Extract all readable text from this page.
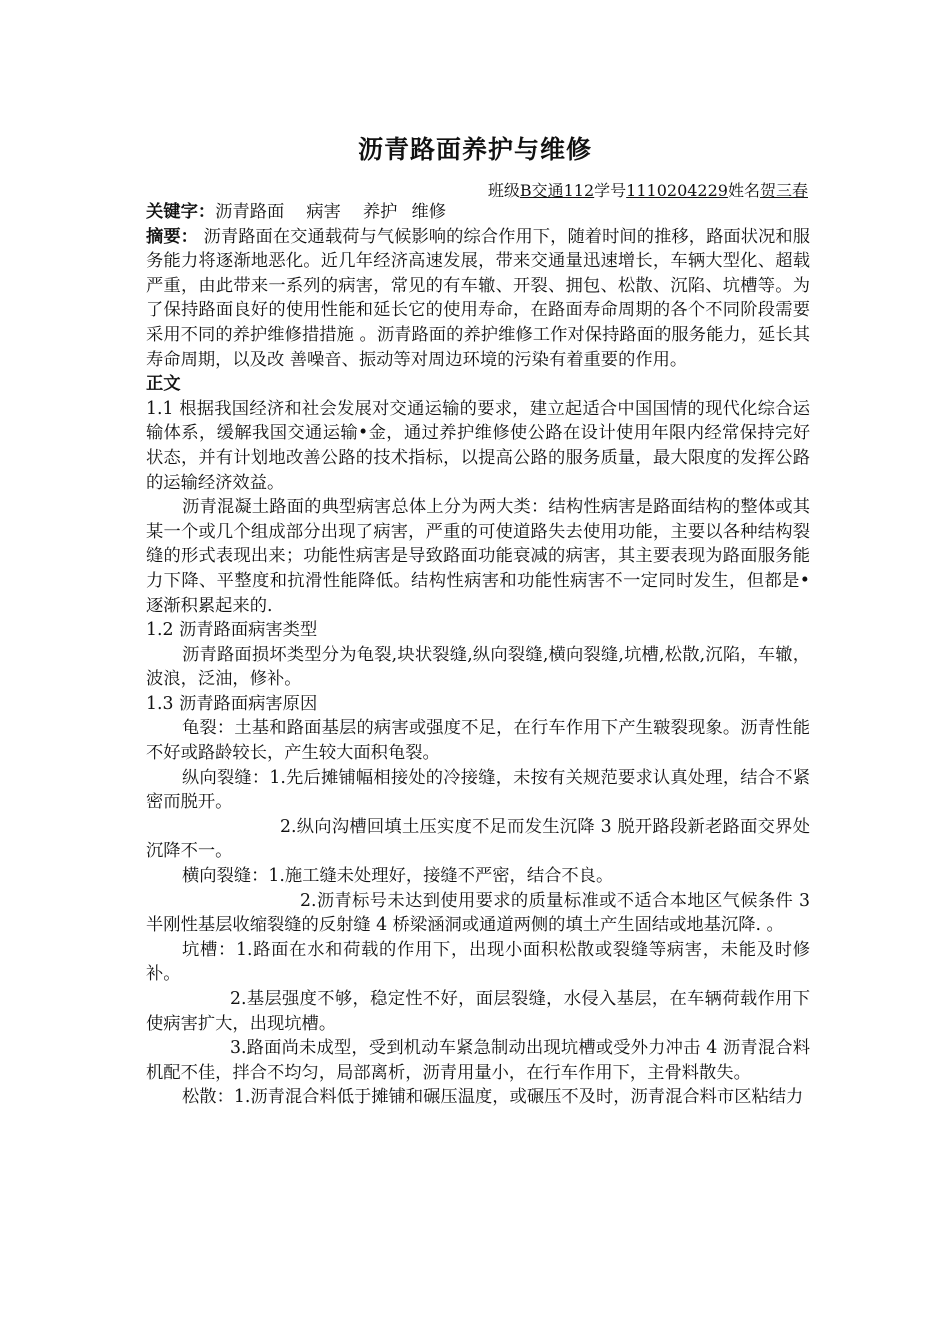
沥青路面养护与维修
班级B交通112学号1110204229姓名贺三春

关键字：沥青路面 病害 养护 维修

摘要： 沥青路面在交通载荷与气候影响的综合作用下，随着时间的推移，路面状况和服务能力将逐渐地恶化。近几年经济高速发展，带来交通量迅速增长，车辆大型化、超载严重，由此带来一系列的病害，常见的有车辙、开裂、拥包、松散、沉陷、坑槽等。为了保持路面良好的使用性能和延长它的使用寿命，在路面寿命周期的各个不同阶段需要采用不同的养护维修措措施 。沥青路面的养护维修工作对保持路面的服务能力，延长其寿命周期，以及改 善噪音、振动等对周边环境的污染有着重要的作用。

正文

1.1 根据我国经济和社会发展对交通运输的要求，建立起适合中国国情的现代化综合运输体系，缓解我国交通运输•金，通过养护维修使公路在设计使用年限内经常保持完好状态，并有计划地改善公路的技术指标，以提高公路的服务质量，最大限度的发挥公路的运输经济效益。

沥青混凝土路面的典型病害总体上分为两大类：结构性病害是路面结构的整体或其某一个或几个组成部分出现了病害，严重的可使道路失去使用功能，主要以各种结构裂缝的形式表现出来；功能性病害是导致路面功能衰减的病害，其主要表现为路面服务能力下降、平整度和抗滑性能降低。结构性病害和功能性病害不一定同时发生，但都是•逐渐积累起来的.

1.2 沥青路面病害类型

沥青路面损坏类型分为龟裂,块状裂缝,纵向裂缝,横向裂缝,坑槽,松散,沉陷，车辙，波浪，泛油，修补。

1.3 沥青路面病害原因

龟裂：土基和路面基层的病害或强度不足，在行车作用下产生皲裂现象。沥青性能不好或路龄较长，产生较大面积龟裂。

纵向裂缝：1.先后摊铺幅相接处的冷接缝，未按有关规范要求认真处理，结合不紧密而脱开。

2.纵向沟槽回填土压实度不足而发生沉降 3 脱开路段新老路面交界处沉降不一。

横向裂缝：1.施工缝未处理好，接缝不严密，结合不良。

2.沥青标号未达到使用要求的质量标准或不适合本地区气候条件 3 半刚性基层收缩裂缝的反射缝 4 桥梁涵洞或通道两侧的填土产生固结或地基沉降. 。

坑槽：1.路面在水和荷载的作用下，出现小面积松散或裂缝等病害，未能及时修补。

2.基层强度不够，稳定性不好，面层裂缝，水侵入基层，在车辆荷载作用下使病害扩大，出现坑槽。

3.路面尚未成型，受到机动车紧急制动出现坑槽或受外力冲击 4 沥青混合料机配不佳，拌合不均匀，局部离析，沥青用量小，在行车作用下，主骨料散失。

松散：1.沥青混合料低于摊铺和碾压温度，或碾压不及时，沥青混合料市区粘结力
